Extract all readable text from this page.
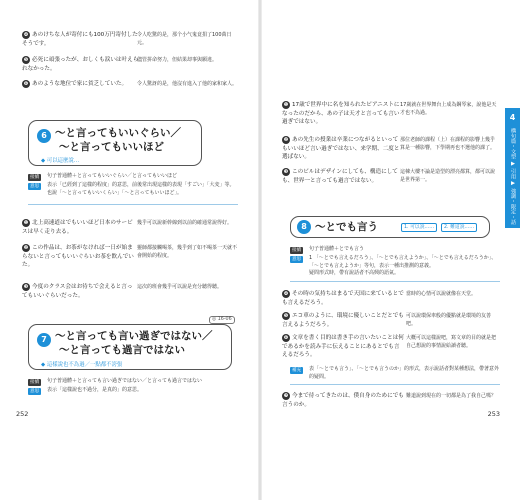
❹ あのけちな人が寄付にも100万円寄付したそうです。
令人吃驚的是，那个小气鬼竟捐了100萬日元。
❺ 必死に頑張ったが、おしくも涙いは叶えられなかった。
儘管拼命努力，但結果却事與願違。
❻ あのような地位で家に貧乏していた。	令人驚訝的是，他沒有進入了他的家和家人。
6 ～と言ってもいいぐらい／
～と言ってもいいほど
◆ 可以這麼說…
接續	句子普通體＋と言ってもいいぐらい／と言ってもいいほど
意思	表示「已經到了這樣的程度」的意思，前後常出現這樣的表現「すごい」「大変」等。也說「～と言ってもいいくらい」「～と言ってもいいほど」。
❶ 北上高速道はでもいいほど日本のサービスは早く走り去る。
幾乎可以說新幹線到以前的確通常說得好。
❷ この作品は、お茶がなければ一日が始まらないと言ってもいいぐらいお茶を飲んでいた。
靈師都接觸喝茶，幾乎到了如不喝茶一天就不會開始的程度。
❸ 今度のクラス会はお待ちで会えると言ってもいいぐらいだった。
這次的班會幾乎可以說是充分聽得聽。
◎ 16-06
7 ～と言っても言い過ぎではない／
～と言っても過言ではない
◆ 這樣說也不為過／一點都不誇張
接續	句子普通體＋と言っても言い過ぎではない／と言っても過言ではない
意思	表示「這樣說也不過分，是真的」的意思。
252
4
構句篇・文型 ▶ 引用 ▶ 強調・限定・話題
❶ 17歳で世界中に名を知られたピアニストになったのだから、あの子は天才と言っても言い過ぎではない。
17歲就在世界舞台上成為鋼琴家，說他是天才也不為過。
❷ あの先生の授業は卒業につながるといってもいいほど言い過ぎではない、来学期、二度と選ばない。
那位老師的課程（上）在課程的影響上幾乎算是一種影響，下學期再也不選他的課了。
❸ このビルはデザインにしても、構造にしても、世界一と言っても過言ではない。
這棟大樓不論是造型的漂亮都算，都可以說是世界第一。
8 ～とでも言う	1. 可以說……	2. 難道說……
接續	句子普通體＋とでも言う
意思	1 「～とでも言えるだろう」、「～とでも言えようか」、「～とでも言えるだろうか」、「～とでも言えようか」等句，表示一種出推測的意義。
疑問形式時，帶有說話者不高興的語氣。
❹ その時の気持ちはまるで天国に来ているとでも言えるだろう。
當時的心情可以說就像在天堂。
❺ エコ車のように、環境に優しいことだとでも言えるようだろう。
可以說環保車般的優點就是環境的友善吧。
❻ 文章を書く目的は書き手の言いたいことは何であるかを読み手に伝えることにあるとでも言えるだろう。
大概可以這樣說吧，寫文章的目的就是把自己想說的事情說給讀者聽。
補充	表「～とでも言う」、「～とでも言うのか」的形式，表示說話者對某種想法，帶著意外的疑問。
❼ 今まで待ってきたのは、僕自身のためにでも言うのか。
難道說到現在的一切都是為了我自己嗎？
253
